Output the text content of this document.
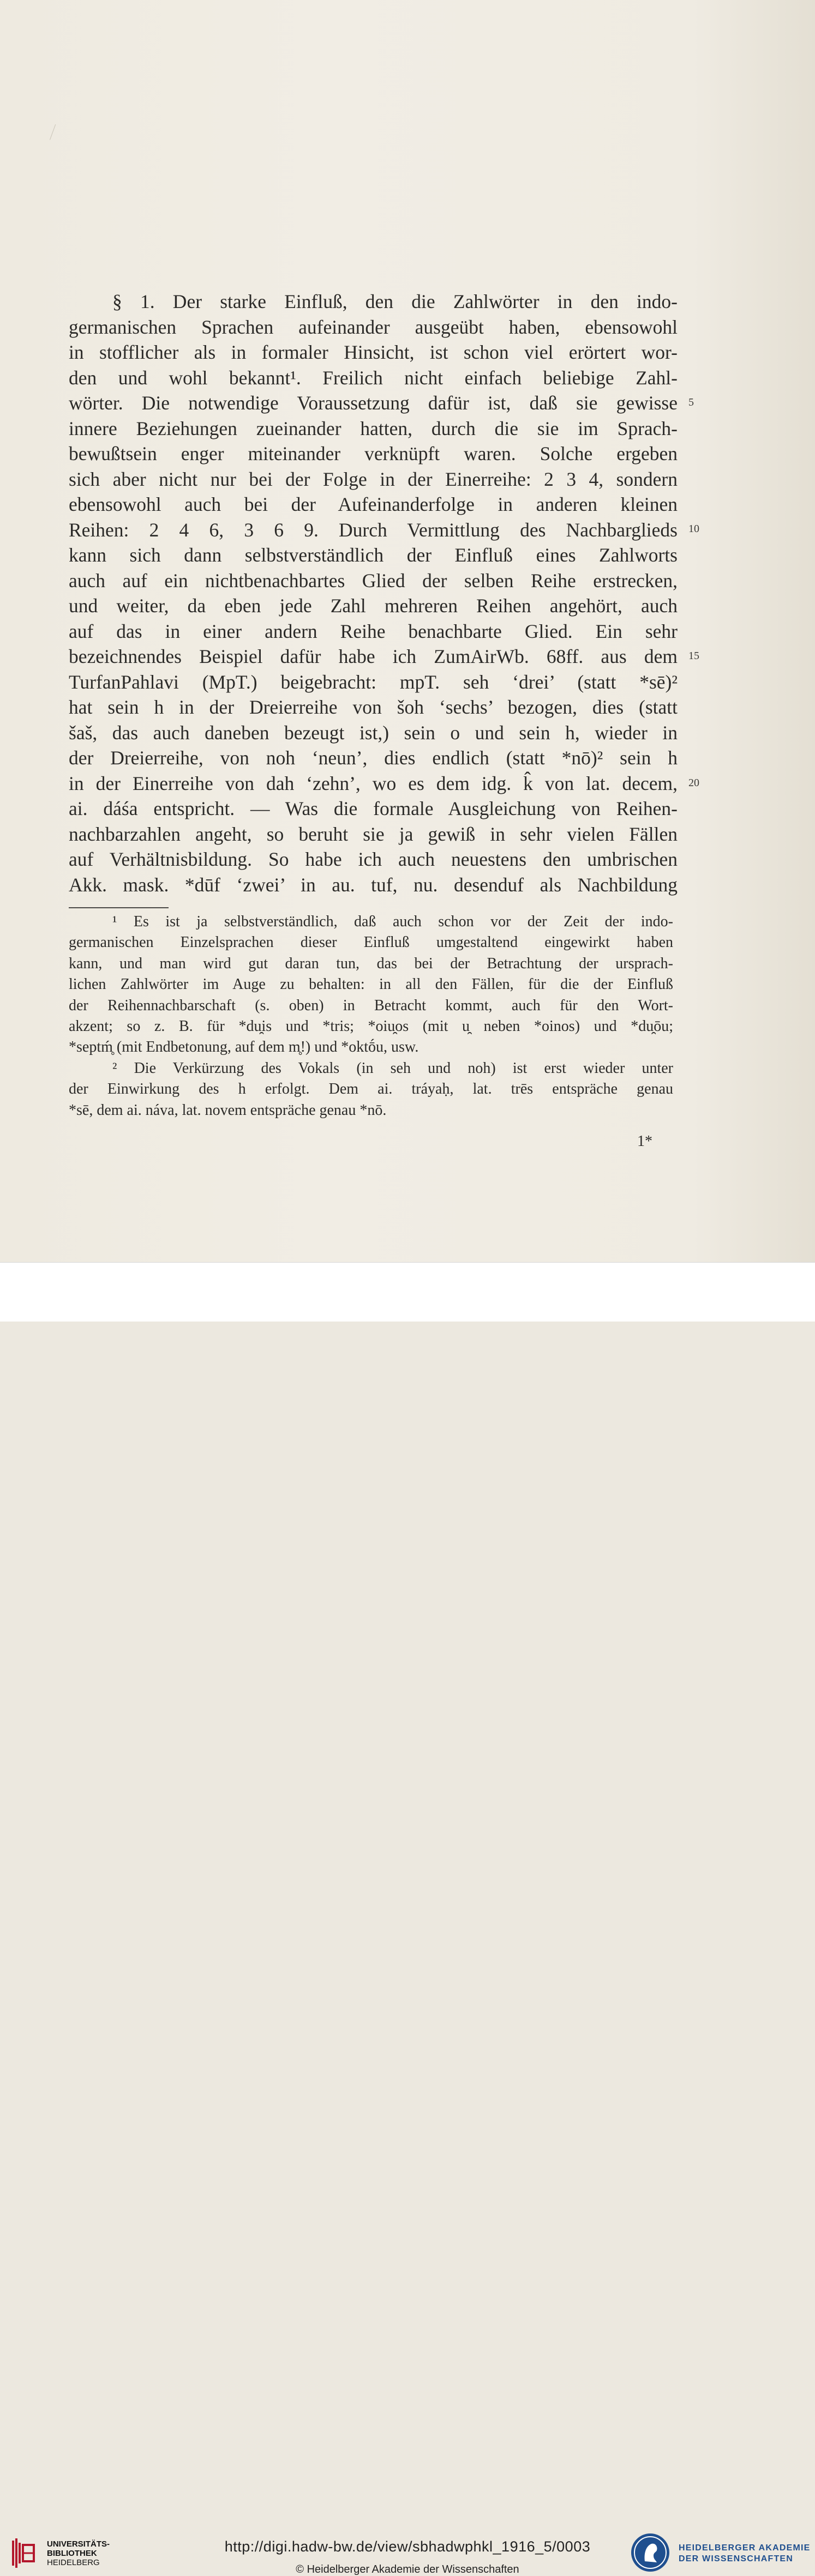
§ 1. Der starke Einfluß, den die Zahlwörter in den indo-
germanischen Sprachen aufeinander ausgeübt haben, ebensowohl
in stofflicher als in formaler Hinsicht, ist schon viel erörtert wor-
den und wohl bekannt¹. Freilich nicht einfach beliebige Zahl-
wörter. Die notwendige Voraussetzung dafür ist, daß sie gewisse
innere Beziehungen zueinander hatten, durch die sie im Sprach-
bewußtsein enger miteinander verknüpft waren. Solche ergeben
sich aber nicht nur bei der Folge in der Einerreihe: 2 3 4, sondern
ebensowohl auch bei der Aufeinanderfolge in anderen kleinen
Reihen: 2 4 6, 3 6 9. Durch Vermittlung des Nachbarglieds
kann sich dann selbstverständlich der Einfluß eines Zahlworts
auch auf ein nichtbenachbartes Glied der selben Reihe erstrecken,
und weiter, da eben jede Zahl mehreren Reihen angehört, auch
auf das in einer andern Reihe benachbarte Glied. Ein sehr
bezeichnendes Beispiel dafür habe ich ZumAirWb. 68ff. aus dem
TurfanPahlavi (MpT.) beigebracht: mpT. seh ‘drei’ (statt *sē)²
hat sein h in der Dreierreihe von šoh ‘sechs’ bezogen, dies (statt
šaš, das auch daneben bezeugt ist,) sein o und sein h, wieder in
der Dreierreihe, von noh ‘neun’, dies endlich (statt *nō)² sein h
in der Einerreihe von dah ‘zehn’, wo es dem idg. k̂ von lat. decem,
ai. dáśa entspricht. — Was die formale Ausgleichung von Reihen-
nachbarzahlen angeht, so beruht sie ja gewiß in sehr vielen Fällen
auf Verhältnisbildung. So habe ich auch neuestens den umbrischen
Akk. mask. *dūf ‘zwei’ in au. tuf, nu. desenduf als Nachbildung
5
10
15
20
¹ Es ist ja selbstverständlich, daß auch schon vor der Zeit der indo-
germanischen Einzelsprachen dieser Einfluß umgestaltend eingewirkt haben
kann, und man wird gut daran tun, das bei der Betrachtung der ursprach-
lichen Zahlwörter im Auge zu behalten: in all den Fällen, für die der Einfluß
der Reihennachbarschaft (s. oben) in Betracht kommt, auch für den Wort-
akzent; so z. B. für *du̯is und *tris; *oiu̯os (mit u̯ neben *oinos) und *du̯ōu;
*septḿ̥ (mit Endbetonung, auf dem m̥!) und *oktṓu, usw.
² Die Verkürzung des Vokals (in seh und noh) ist erst wieder unter
der Einwirkung des h erfolgt. Dem ai. tráyaḥ, lat. trēs entspräche genau
*sē, dem ai. náva, lat. novem entspräche genau *nō.
1*
UNIVERSITÄTS-
BIBLIOTHEK
HEIDELBERG
http://digi.hadw-bw.de/view/sbhadwphkl_1916_5/0003
© Heidelberger Akademie der Wissenschaften
HEIDELBERGER AKADEMIE
DER WISSENSCHAFTEN
